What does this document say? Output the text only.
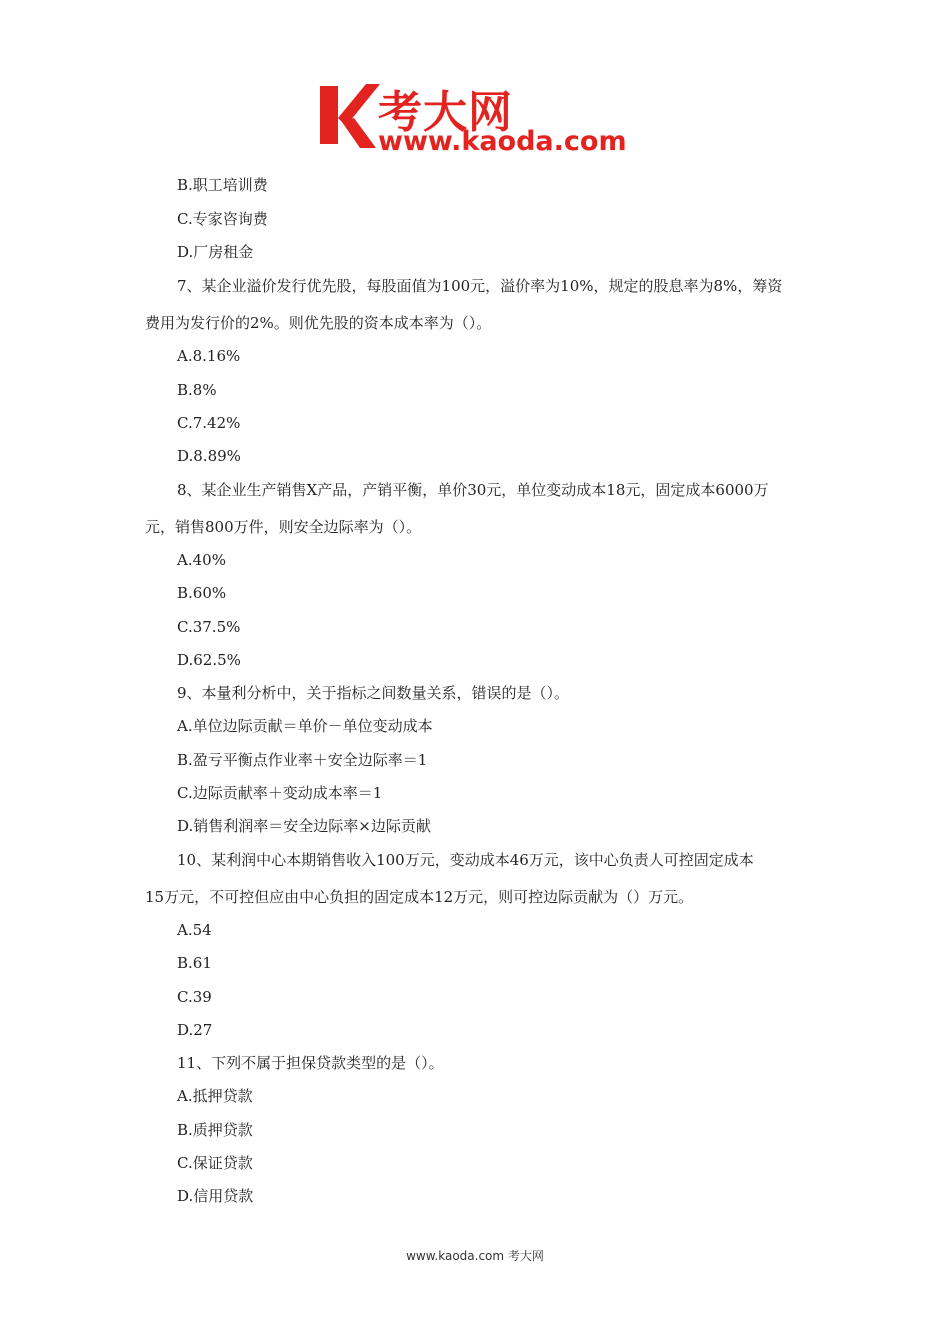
考大网
www.kaoda.com
B.职工培训费
C.专家咨询费
D.厂房租金
7、某企业溢价发行优先股，每股面值为100元，溢价率为10%，规定的股息率为8%，筹资
费用为发行价的2%。则优先股的资本成本率为（）。
A.8.16%
B.8%
C.7.42%
D.8.89%
8、某企业生产销售X产品，产销平衡，单价30元，单位变动成本18元，固定成本6000万
元，销售800万件，则安全边际率为（）。
A.40%
B.60%
C.37.5%
D.62.5%
9、本量利分析中，关于指标之间数量关系，错误的是（）。
A.单位边际贡献＝单价－单位变动成本
B.盈亏平衡点作业率＋安全边际率＝1
C.边际贡献率＋变动成本率＝1
D.销售利润率＝安全边际率×边际贡献
10、某利润中心本期销售收入100万元，变动成本46万元，该中心负责人可控固定成本
15万元，不可控但应由中心负担的固定成本12万元，则可控边际贡献为（）万元。
A.54
B.61
C.39
D.27
11、下列不属于担保贷款类型的是（）。
A.抵押贷款
B.质押贷款
C.保证贷款
D.信用贷款
www.kaoda.com 考大网
